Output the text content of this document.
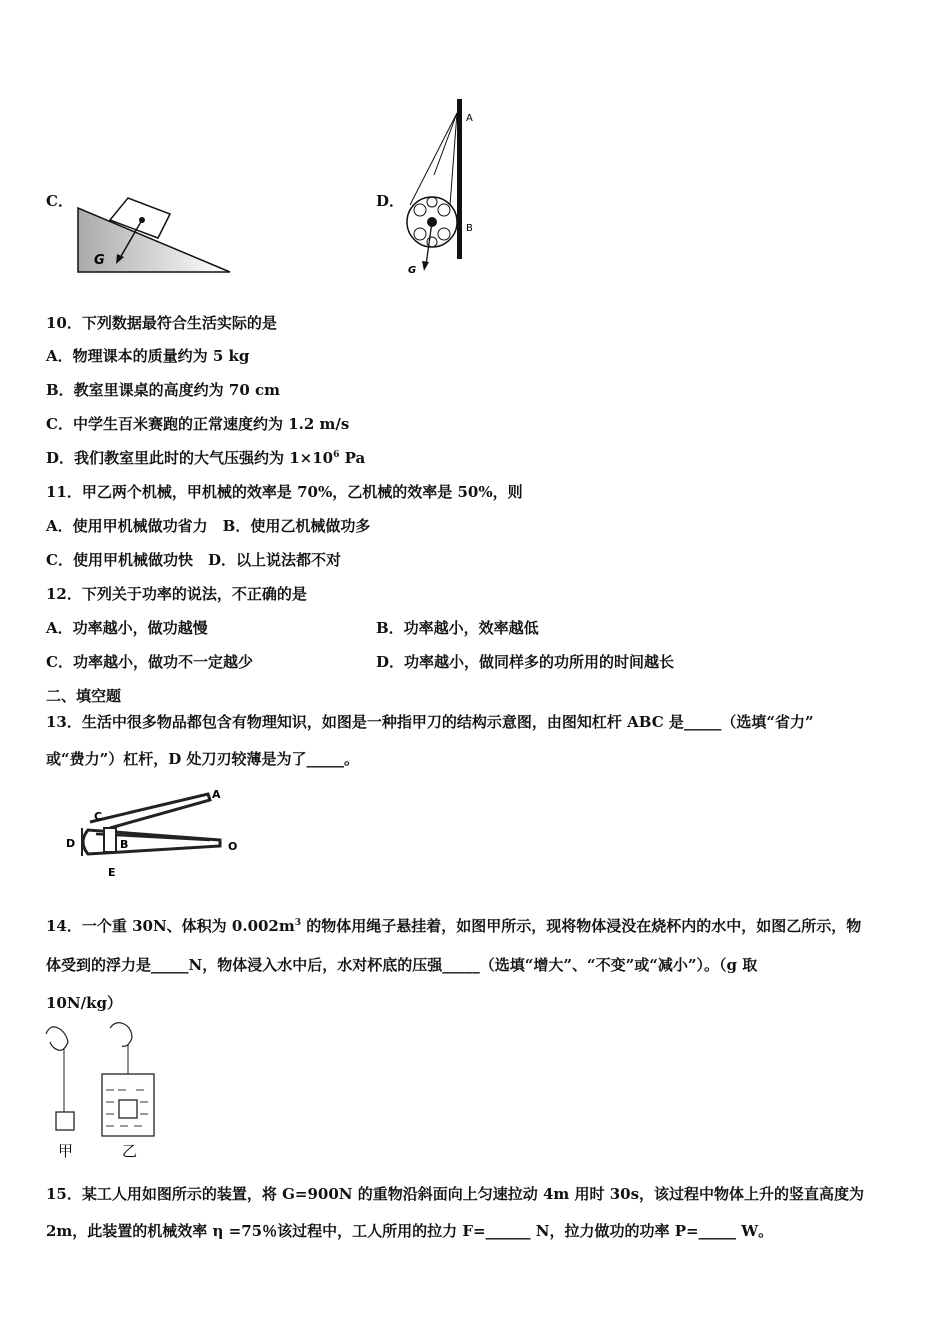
C．
G
D．
A
B
G
10．下列数据最符合生活实际的是
A．物理课本的质量约为 5 kg
B．教室里课桌的高度约为 70 cm
C．中学生百米赛跑的正常速度约为 1.2 m/s
D．我们教室里此时的大气压强约为 $1\times 10^6$ Pa
11．甲乙两个机械，甲机械的效率是 70%，乙机械的效率是 50%，则
A．使用甲机械做功省力　B．使用乙机械做功多
C．使用甲机械做功快　D．以上说法都不对
12．下列关于功率的说法，不正确的是
A．功率越小，做功越慢	B．功率越小，效率越低
C．功率越小，做功不一定越少	D．功率越小，做同样多的功所用的时间越长
二、填空题
13．生活中很多物品都包含有物理知识，如图是一种指甲刀的结构示意图，由图知杠杆 ABC 是_____（选填“省力”
或“费力”）杠杆，D 处刀刃较薄是为了_____。
A
C
D	B	O
E
14．一个重 30N、体积为 $0.002m^3$ 的物体用绳子悬挂着，如图甲所示，现将物体浸没在烧杯内的水中，如图乙所示，物
体受到的浮力是_____N，物体浸入水中后，水对杯底的压强_____（选填“增大”、“不变”或“减小”）。（g 取
10N/kg）
甲	乙
15．某工人用如图所示的装置，将 G=900N 的重物沿斜面向上匀速拉动 4m 用时 30s，该过程中物体上升的竖直高度为
2m，此装置的机械效率 η =75％该过程中，工人所用的拉力 F=______ N，拉力做功的功率 P=_____ W。
